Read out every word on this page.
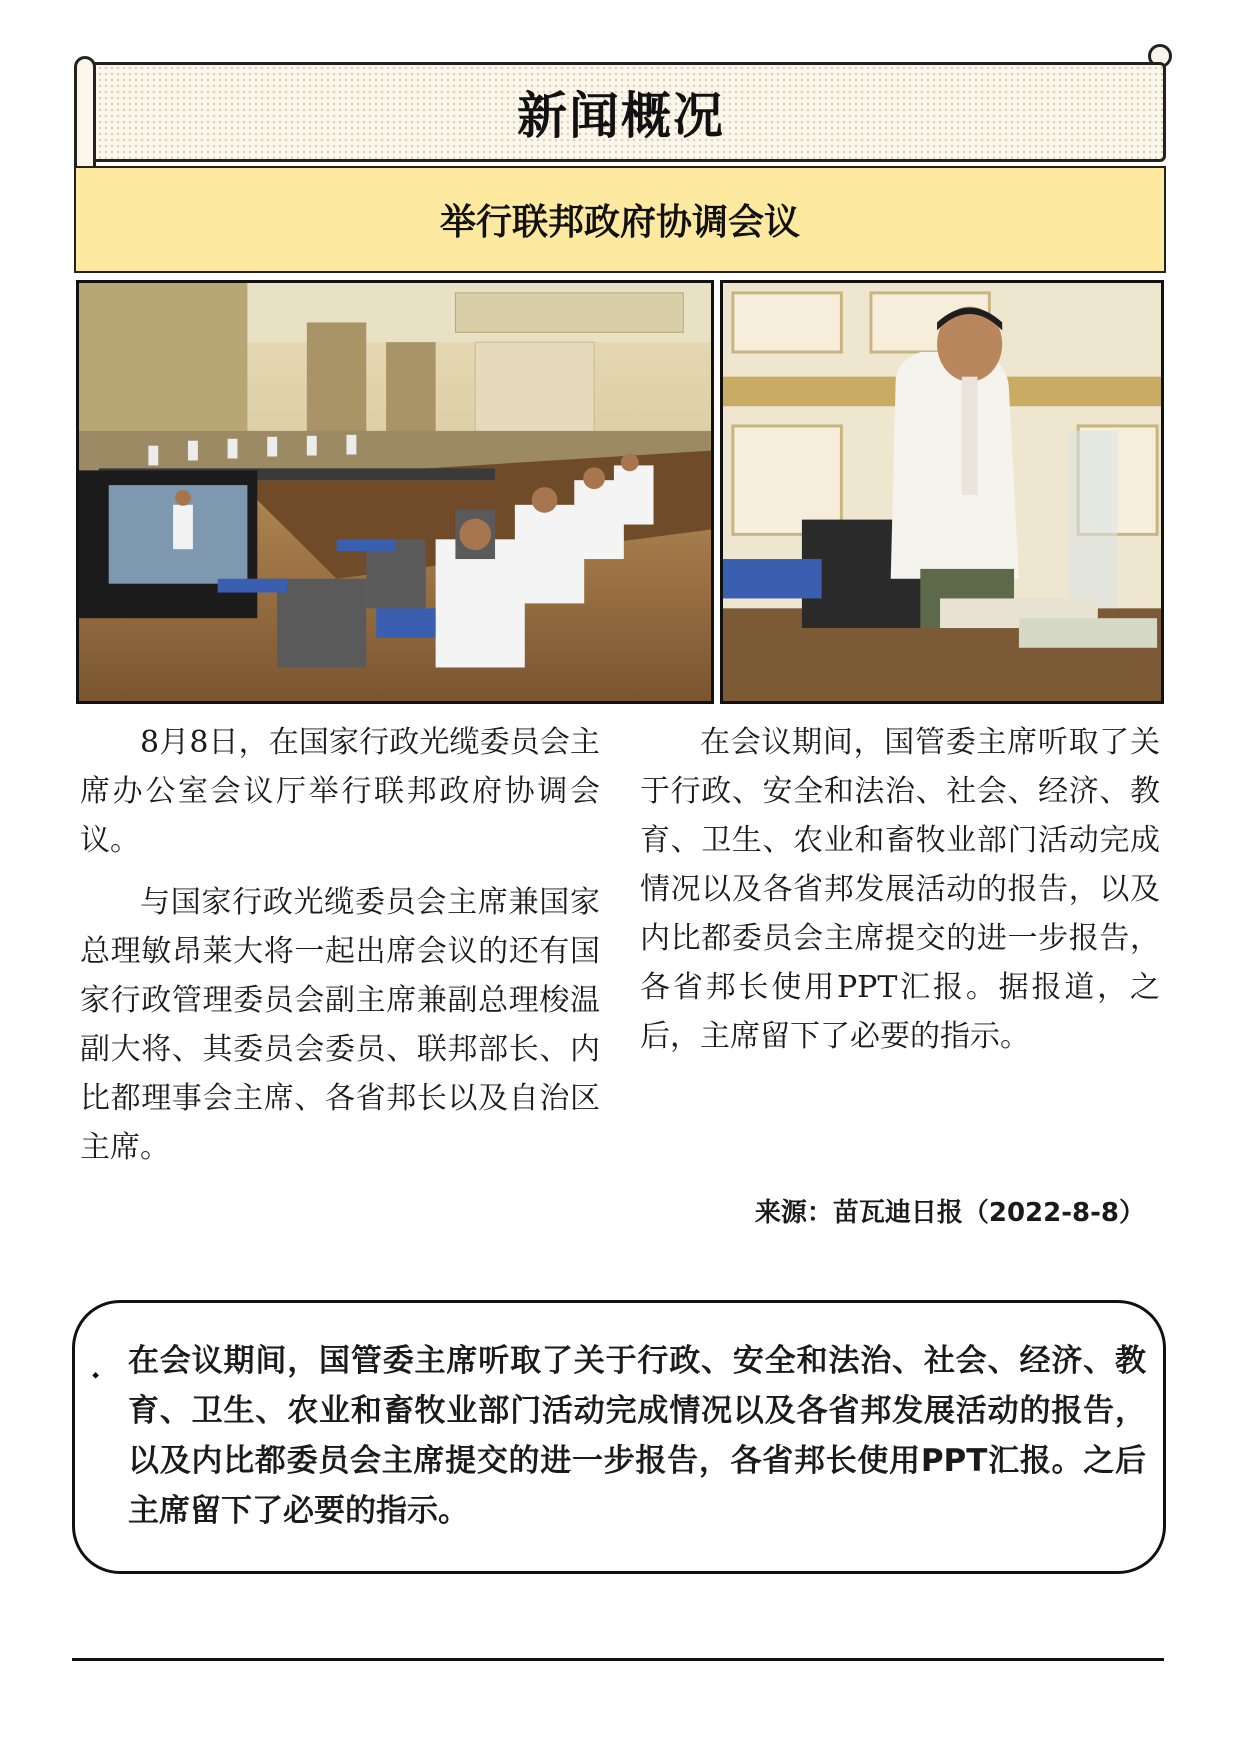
新闻概况
举行联邦政府协调会议

8月8日，在国家行政光缆委员会主席办公室会议厅举行联邦政府协调会议。

与国家行政光缆委员会主席兼国家总理敏昂莱大将一起出席会议的还有国家行政管理委员会副主席兼副总理梭温副大将、其委员会委员、联邦部长、内比都理事会主席、各省邦长以及自治区主席。

在会议期间，国管委主席听取了关于行政、安全和法治、社会、经济、教育、卫生、农业和畜牧业部门活动完成情况以及各省邦发展活动的报告，以及内比都委员会主席提交的进一步报告，各省邦长使用PPT汇报。据报道，之后，主席留下了必要的指示。

来源：苗瓦迪日报（2022-8-8）
⬩ 在会议期间，国管委主席听取了关于行政、安全和法治、社会、经济、教育、卫生、农业和畜牧业部门活动完成情况以及各省邦发展活动的报告，以及内比都委员会主席提交的进一步报告，各省邦长使用PPT汇报。之后主席留下了必要的指示。
